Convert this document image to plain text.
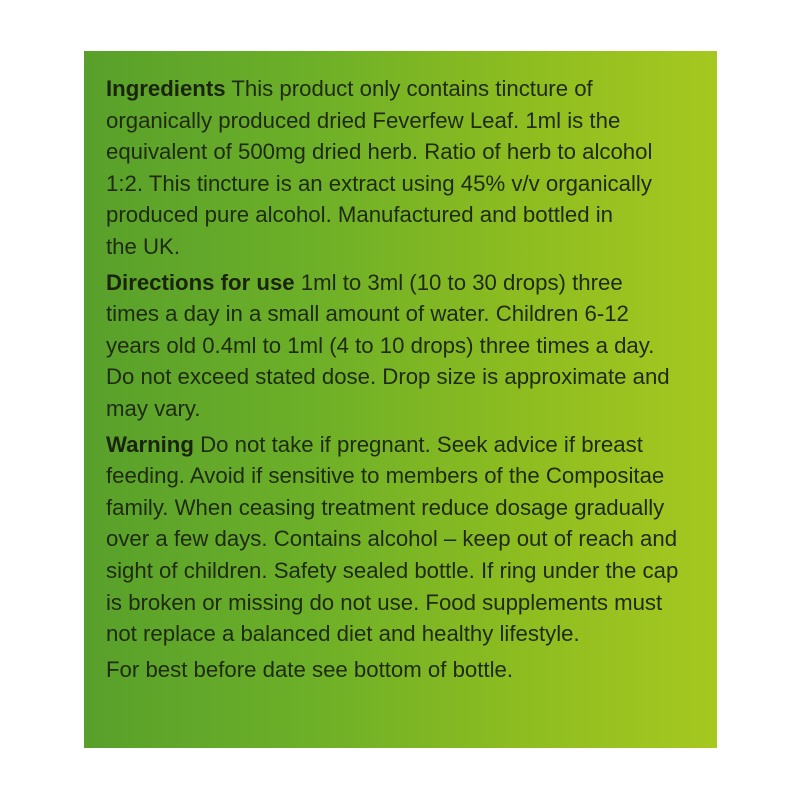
Ingredients This product only contains tincture of
organically produced dried Feverfew Leaf. 1ml is the
equivalent of 500mg dried herb. Ratio of herb to alcohol
1:2. This tincture is an extract using 45% v/v organically
produced pure alcohol. Manufactured and bottled in
the UK.
Directions for use 1ml to 3ml (10 to 30 drops) three
times a day in a small amount of water. Children 6-12
years old 0.4ml to 1ml (4 to 10 drops) three times a day.
Do not exceed stated dose. Drop size is approximate and
may vary.
Warning Do not take if pregnant. Seek advice if breast
feeding. Avoid if sensitive to members of the Compositae
family. When ceasing treatment reduce dosage gradually
over a few days. Contains alcohol – keep out of reach and
sight of children. Safety sealed bottle. If ring under the cap
is broken or missing do not use. Food supplements must
not replace a balanced diet and healthy lifestyle.
For best before date see bottom of bottle.
